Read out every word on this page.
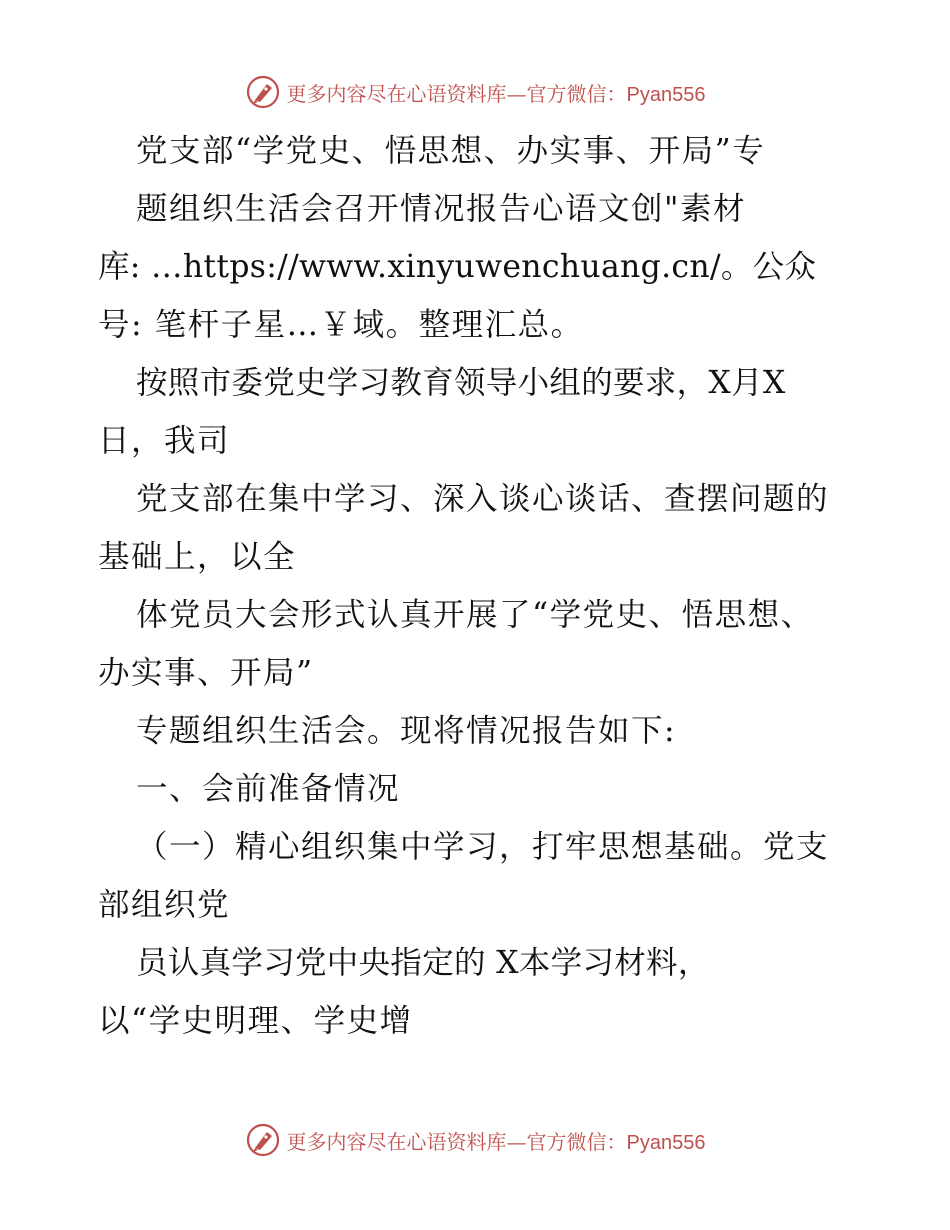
更多内容尽在心语资料库—官方微信：Pyan556
党支部“学党史、悟思想、办实事、开局”专
题组织生活会召开情况报告心语文创"素材
库: …https://www.xinyuwenchuang.cn/。公众
号: 笔杆子星…￥域。整理汇总。
按照市委党史学习教育领导小组的要求，X月X
日，我司
党支部在集中学习、深入谈心谈话、查摆问题的
基础上，以全
体党员大会形式认真开展了“学党史、悟思想、
办实事、开局”
专题组织生活会。现将情况报告如下:
一、会前准备情况
（一）精心组织集中学习，打牢思想基础。党支
部组织党
员认真学习党中央指定的 X本学习材料，
以“学史明理、学史增
更多内容尽在心语资料库—官方微信：Pyan556
